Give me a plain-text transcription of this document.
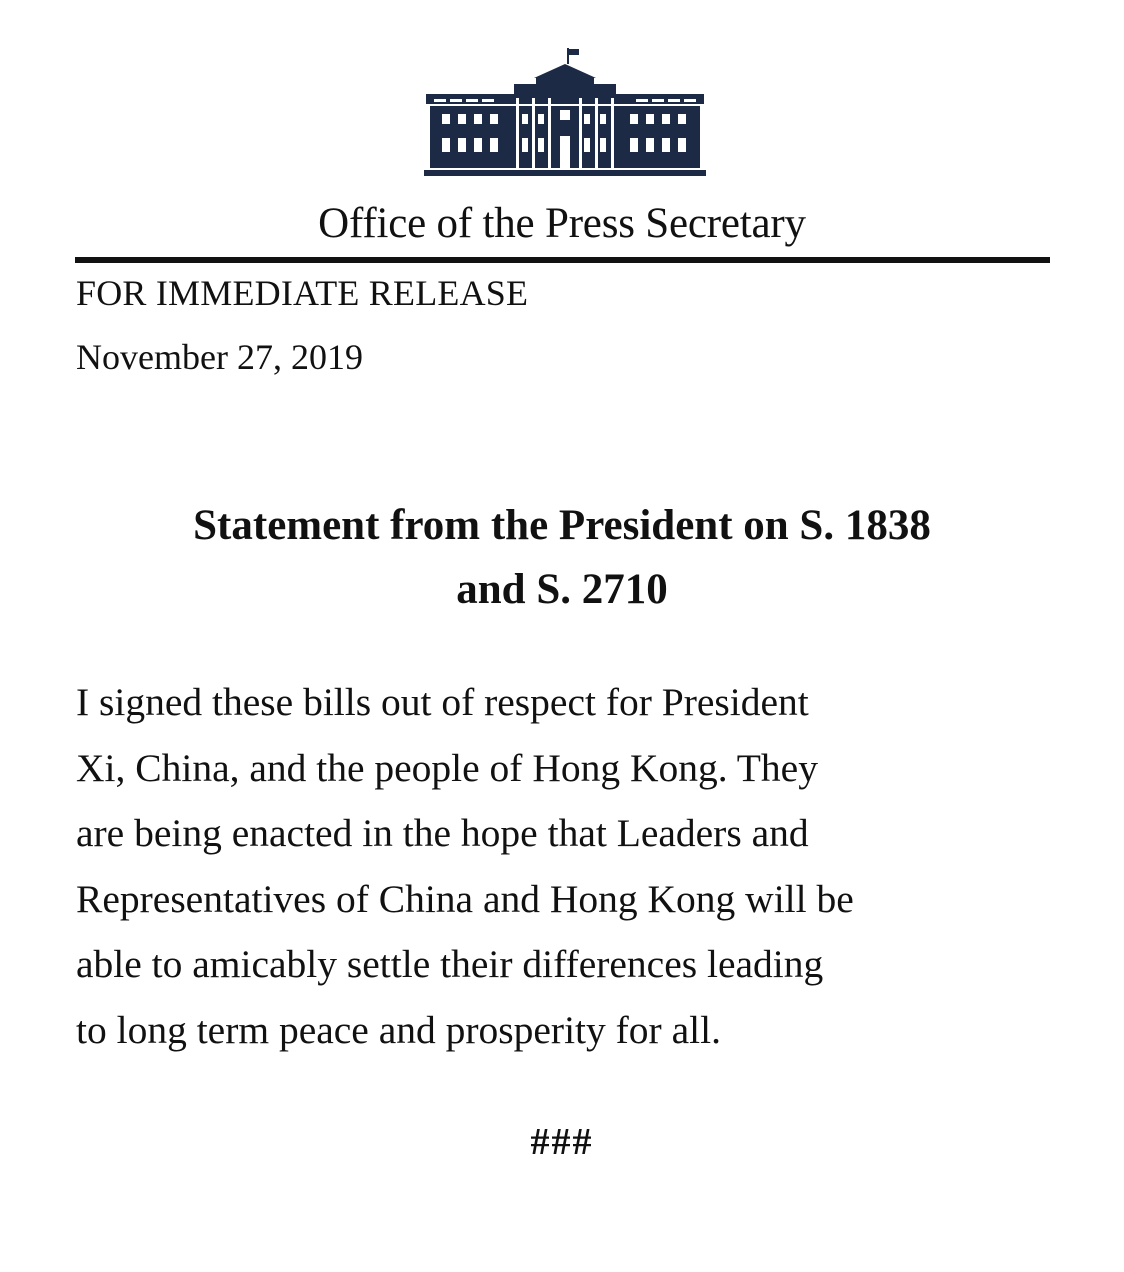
Office of the Press Secretary
FOR IMMEDIATE RELEASE
November 27, 2019
Statement from the President on S. 1838
and S. 2710
I signed these bills out of respect for President
Xi, China, and the people of Hong Kong. They
are being enacted in the hope that Leaders and
Representatives of China and Hong Kong will be
able to amicably settle their differences leading
to long term peace and prosperity for all.
###
